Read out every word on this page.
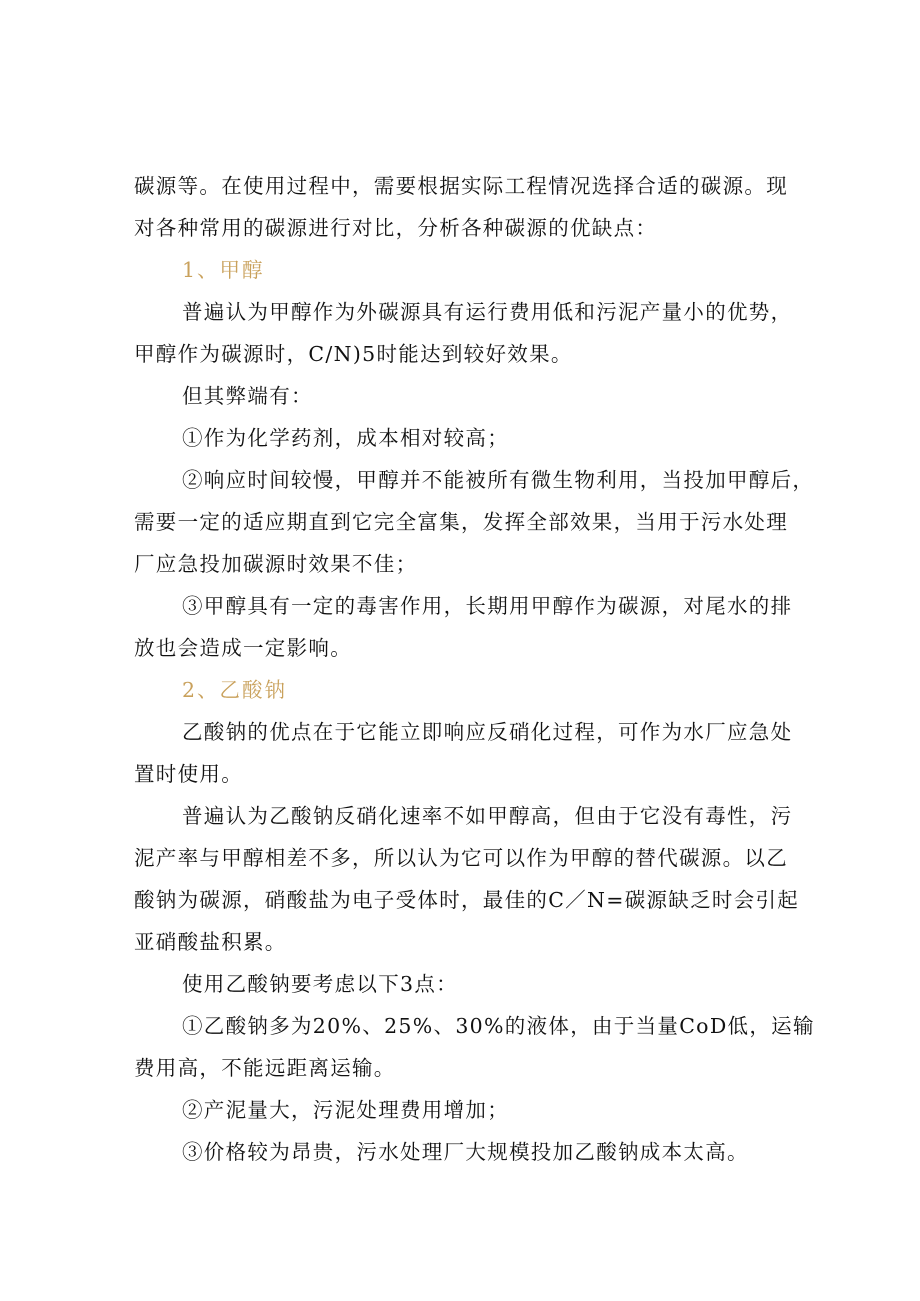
碳源等。在使用过程中，需要根据实际工程情况选择合适的碳源。现
对各种常用的碳源进行对比，分析各种碳源的优缺点：
1、甲醇
普遍认为甲醇作为外碳源具有运行费用低和污泥产量小的优势，
甲醇作为碳源时，C/N)5时能达到较好效果。
但其弊端有：
①作为化学药剂，成本相对较高；
②响应时间较慢，甲醇并不能被所有微生物利用，当投加甲醇后，
需要一定的适应期直到它完全富集，发挥全部效果，当用于污水处理
厂应急投加碳源时效果不佳；
③甲醇具有一定的毒害作用，长期用甲醇作为碳源，对尾水的排
放也会造成一定影响。
2、乙酸钠
乙酸钠的优点在于它能立即响应反硝化过程，可作为水厂应急处
置时使用。
普遍认为乙酸钠反硝化速率不如甲醇高，但由于它没有毒性，污
泥产率与甲醇相差不多，所以认为它可以作为甲醇的替代碳源。以乙
酸钠为碳源，硝酸盐为电子受体时，最佳的C／N=碳源缺乏时会引起
亚硝酸盐积累。
使用乙酸钠要考虑以下3点：
①乙酸钠多为20%、25%、30%的液体，由于当量CoD低，运输
费用高，不能远距离运输。
②产泥量大，污泥处理费用增加；
③价格较为昂贵，污水处理厂大规模投加乙酸钠成本太高。
